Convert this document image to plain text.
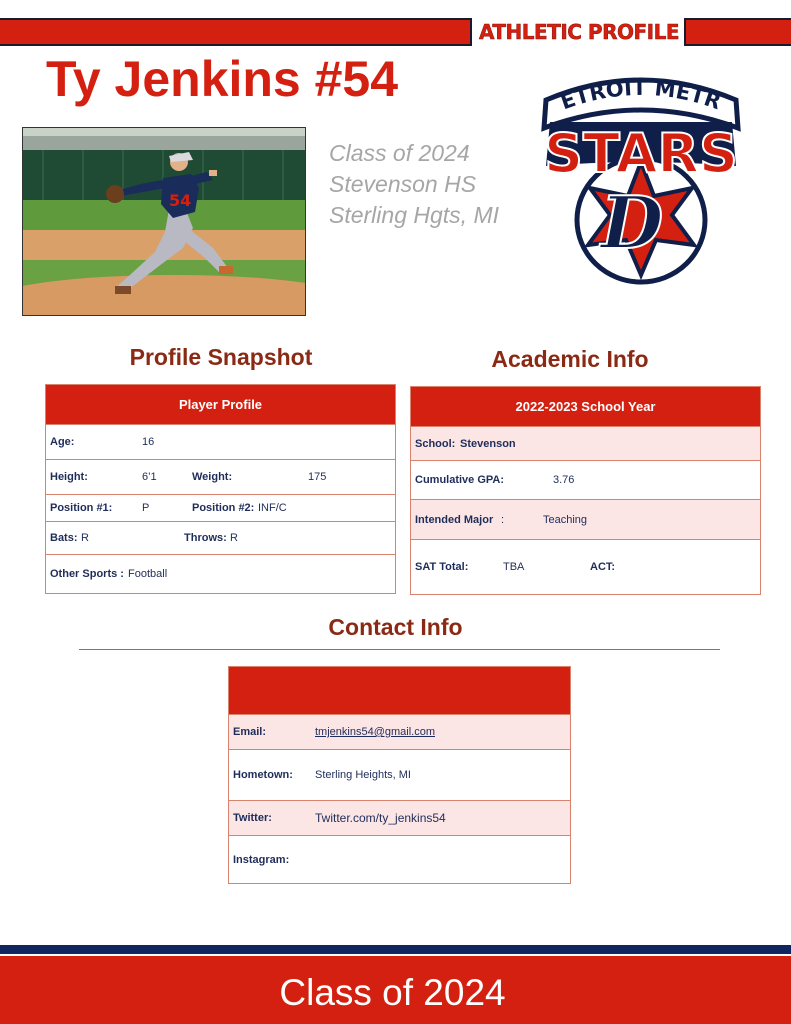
ATHLETIC PROFILE
Ty Jenkins #54
54
Class of 2024
Stevenson HS
Sterling Hgts, MI
ETROIT METR
STARS
D
Profile Snapshot
Player Profile

Age:	16

Height:	6’1	Weight:	175

Position #1:	P	Position #2: INF/C

Bats: R	Throws: R

Other Sports : Football
Academic Info
2022-2023 School Year

School: Stevenson

Cumulative GPA:	3.76

Intended Major :	Teaching

SAT Total:	TBA	ACT:
Contact Info

Email:	tmjenkins54@gmail.com

Hometown: Sterling Heights, MI

Twitter:	Twitter.com/ty_jenkins54

Instagram:
Class of 2024
